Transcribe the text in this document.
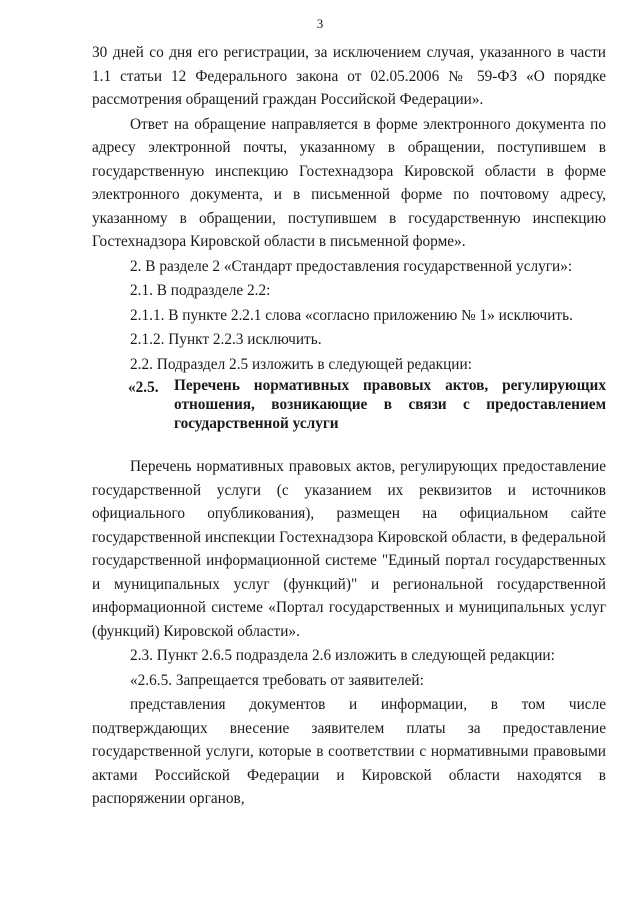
3

30 дней со дня его регистрации, за исключением случая, указанного в части 1.1 статьи 12 Федерального закона от 02.05.2006 № 59-ФЗ «О порядке рассмотрения обращений граждан Российской Федерации».

Ответ на обращение направляется в форме электронного документа по адресу электронной почты, указанному в обращении, поступившем в государственную инспекцию Гостехнадзора Кировской области в форме электронного документа, и в письменной форме по почтовому адресу, указанному в обращении, поступившем в государственную инспекцию Гостехнадзора Кировской области в письменной форме».

2. В разделе 2 «Стандарт предоставления государственной услуги»:

2.1. В подразделе 2.2:

2.1.1. В пункте 2.2.1 слова «согласно приложению № 1» исключить.

2.1.2. Пункт 2.2.3 исключить.

2.2. Подраздел 2.5 изложить в следующей редакции:

«2.5.	Перечень нормативных правовых актов, регулирующих отношения, возникающие в связи с предоставлением государственной услуги

Перечень нормативных правовых актов, регулирующих предоставление государственной услуги (с указанием их реквизитов и источников официального опубликования), размещен на официальном сайте государственной инспекции Гостехнадзора Кировской области, в федеральной государственной информационной системе "Единый портал государственных и муниципальных услуг (функций)" и региональной государственной информационной системе «Портал государственных и муниципальных услуг (функций) Кировской области».

2.3. Пункт 2.6.5 подраздела 2.6 изложить в следующей редакции:

«2.6.5. Запрещается требовать от заявителей:

представления документов и информации, в том числе подтверждающих внесение заявителем платы за предоставление государственной услуги, которые в соответствии с нормативными правовыми актами Российской Федерации и Кировской области находятся в распоряжении органов,
